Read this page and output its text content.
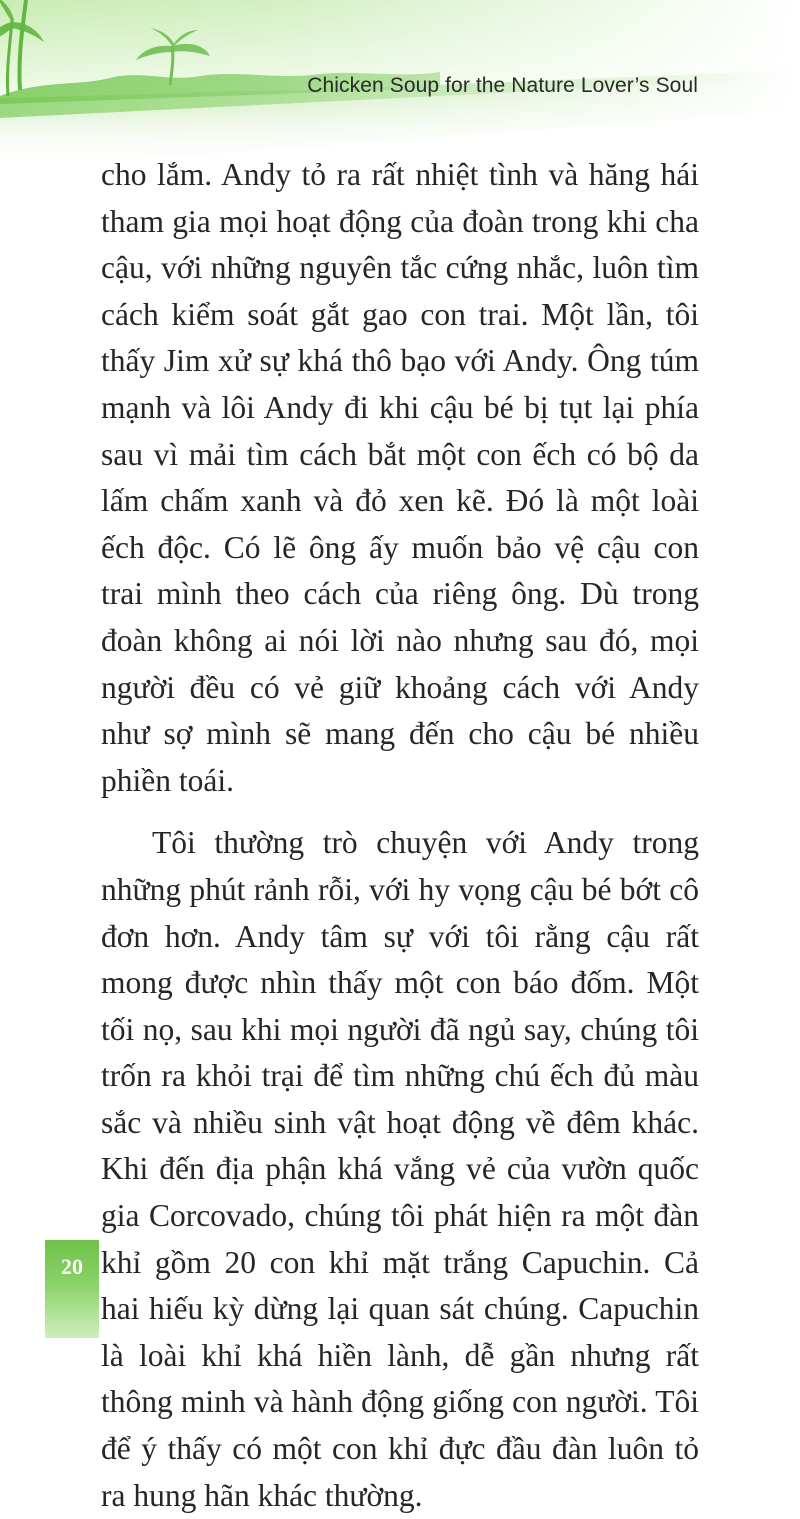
Chicken Soup for the Nature Lover’s Soul

cho lắm. Andy tỏ ra rất nhiệt tình và hăng hái tham gia mọi hoạt động của đoàn trong khi cha cậu, với những nguyên tắc cứng nhắc, luôn tìm cách kiểm soát gắt gao con trai. Một lần, tôi thấy Jim xử sự khá thô bạo với Andy. Ông túm mạnh và lôi Andy đi khi cậu bé bị tụt lại phía sau vì mải tìm cách bắt một con ếch có bộ da lấm chấm xanh và đỏ xen kẽ. Đó là một loài ếch độc. Có lẽ ông ấy muốn bảo vệ cậu con trai mình theo cách của riêng ông. Dù trong đoàn không ai nói lời nào nhưng sau đó, mọi người đều có vẻ giữ khoảng cách với Andy như sợ mình sẽ mang đến cho cậu bé nhiều phiền toái.

Tôi thường trò chuyện với Andy trong những phút rảnh rỗi, với hy vọng cậu bé bớt cô đơn hơn. Andy tâm sự với tôi rằng cậu rất mong được nhìn thấy một con báo đốm. Một tối nọ, sau khi mọi người đã ngủ say, chúng tôi trốn ra khỏi trại để tìm những chú ếch đủ màu sắc và nhiều sinh vật hoạt động về đêm khác. Khi đến địa phận khá vắng vẻ của vườn quốc gia Corcovado, chúng tôi phát hiện ra một đàn khỉ gồm 20 con khỉ mặt trắng Capuchin. Cả hai hiếu kỳ dừng lại quan sát chúng. Capuchin là loài khỉ khá hiền lành, dễ gần nhưng rất thông minh và hành động giống con người. Tôi để ý thấy có một con khỉ đực đầu đàn luôn tỏ ra hung hãn khác thường.

20
